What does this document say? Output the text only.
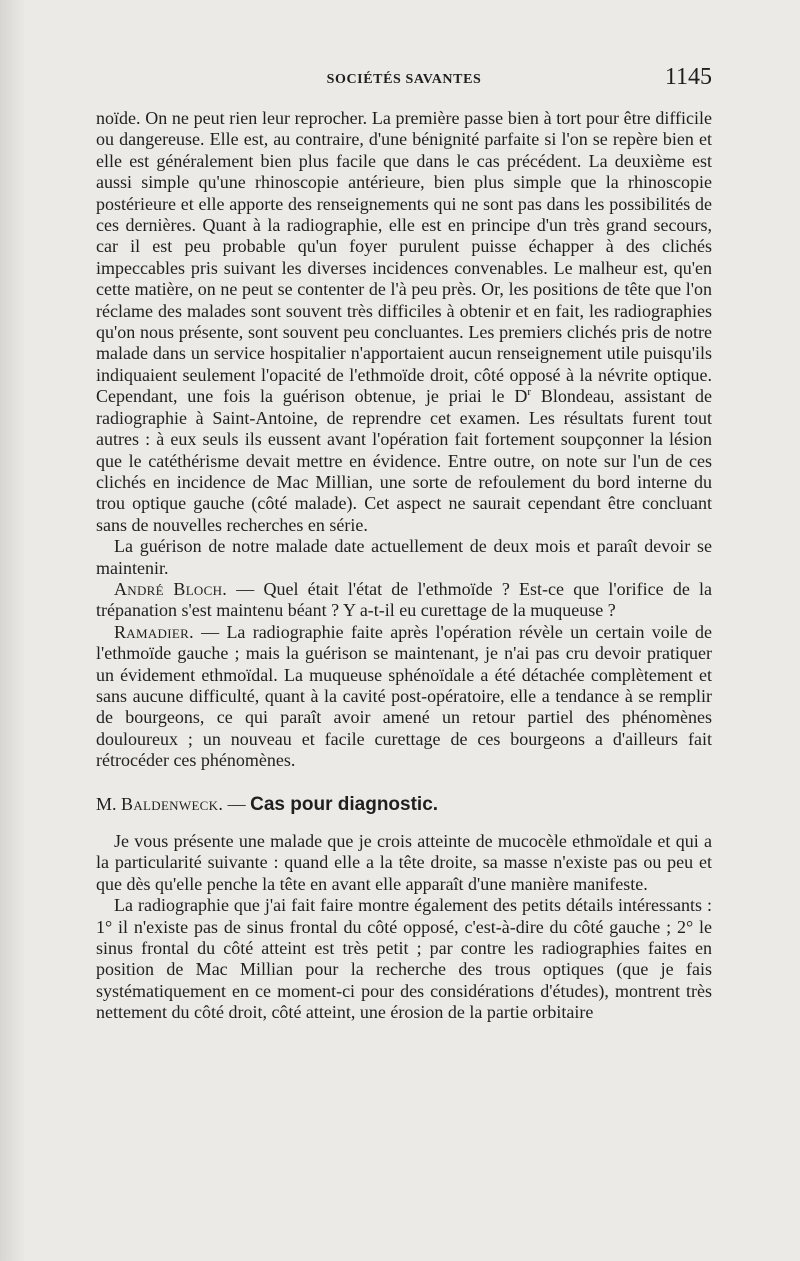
SOCIÉTÉS SAVANTES	1145

noïde. On ne peut rien leur reprocher. La première passe bien à tort pour être difficile ou dangereuse. Elle est, au contraire, d'une bénignité parfaite si l'on se repère bien et elle est généralement bien plus facile que dans le cas précédent. La deuxième est aussi simple qu'une rhinoscopie antérieure, bien plus simple que la rhinoscopie postérieure et elle apporte des renseignements qui ne sont pas dans les possibilités de ces dernières. Quant à la radiographie, elle est en principe d'un très grand secours, car il est peu probable qu'un foyer purulent puisse échapper à des clichés impeccables pris suivant les diverses incidences convenables. Le malheur est, qu'en cette matière, on ne peut se contenter de l'à peu près. Or, les positions de tête que l'on réclame des malades sont souvent très difficiles à obtenir et en fait, les radiographies qu'on nous présente, sont souvent peu concluantes. Les premiers clichés pris de notre malade dans un service hospitalier n'apportaient aucun renseignement utile puisqu'ils indiquaient seulement l'opacité de l'ethmoïde droit, côté opposé à la névrite optique. Cependant, une fois la guérison obtenue, je priai le $D^r$ Blondeau, assistant de radiographie à Saint-Antoine, de reprendre cet examen. Les résultats furent tout autres : à eux seuls ils eussent avant l'opération fait fortement soupçonner la lésion que le catéthérisme devait mettre en évidence. Entre outre, on note sur l'un de ces clichés en incidence de Mac Millian, une sorte de refoulement du bord interne du trou optique gauche (côté malade). Cet aspect ne saurait cependant être concluant sans de nouvelles recherches en série.

La guérison de notre malade date actuellement de deux mois et paraît devoir se maintenir.

André Bloch. — Quel était l'état de l'ethmoïde ? Est-ce que l'orifice de la trépanation s'est maintenu béant ? Y a-t-il eu curettage de la muqueuse ?

Ramadier. — La radiographie faite après l'opération révèle un certain voile de l'ethmoïde gauche ; mais la guérison se maintenant, je n'ai pas cru devoir pratiquer un évidement ethmoïdal. La muqueuse sphénoïdale a été détachée complètement et sans aucune difficulté, quant à la cavité post-opératoire, elle a tendance à se remplir de bourgeons, ce qui paraît avoir amené un retour partiel des phénomènes douloureux ; un nouveau et facile curettage de ces bourgeons a d'ailleurs fait rétrocéder ces phénomènes.

M. Baldenweck. — Cas pour diagnostic.

Je vous présente une malade que je crois atteinte de mucocèle ethmoïdale et qui a la particularité suivante : quand elle a la tête droite, sa masse n'existe pas ou peu et que dès qu'elle penche la tête en avant elle apparaît d'une manière manifeste.

La radiographie que j'ai fait faire montre également des petits détails intéressants : 1° il n'existe pas de sinus frontal du côté opposé, c'est-à-dire du côté gauche ; 2° le sinus frontal du côté atteint est très petit ; par contre les radiographies faites en position de Mac Millian pour la recherche des trous optiques (que je fais systématiquement en ce moment-ci pour des considérations d'études), montrent très nettement du côté droit, côté atteint, une érosion de la partie orbitaire
